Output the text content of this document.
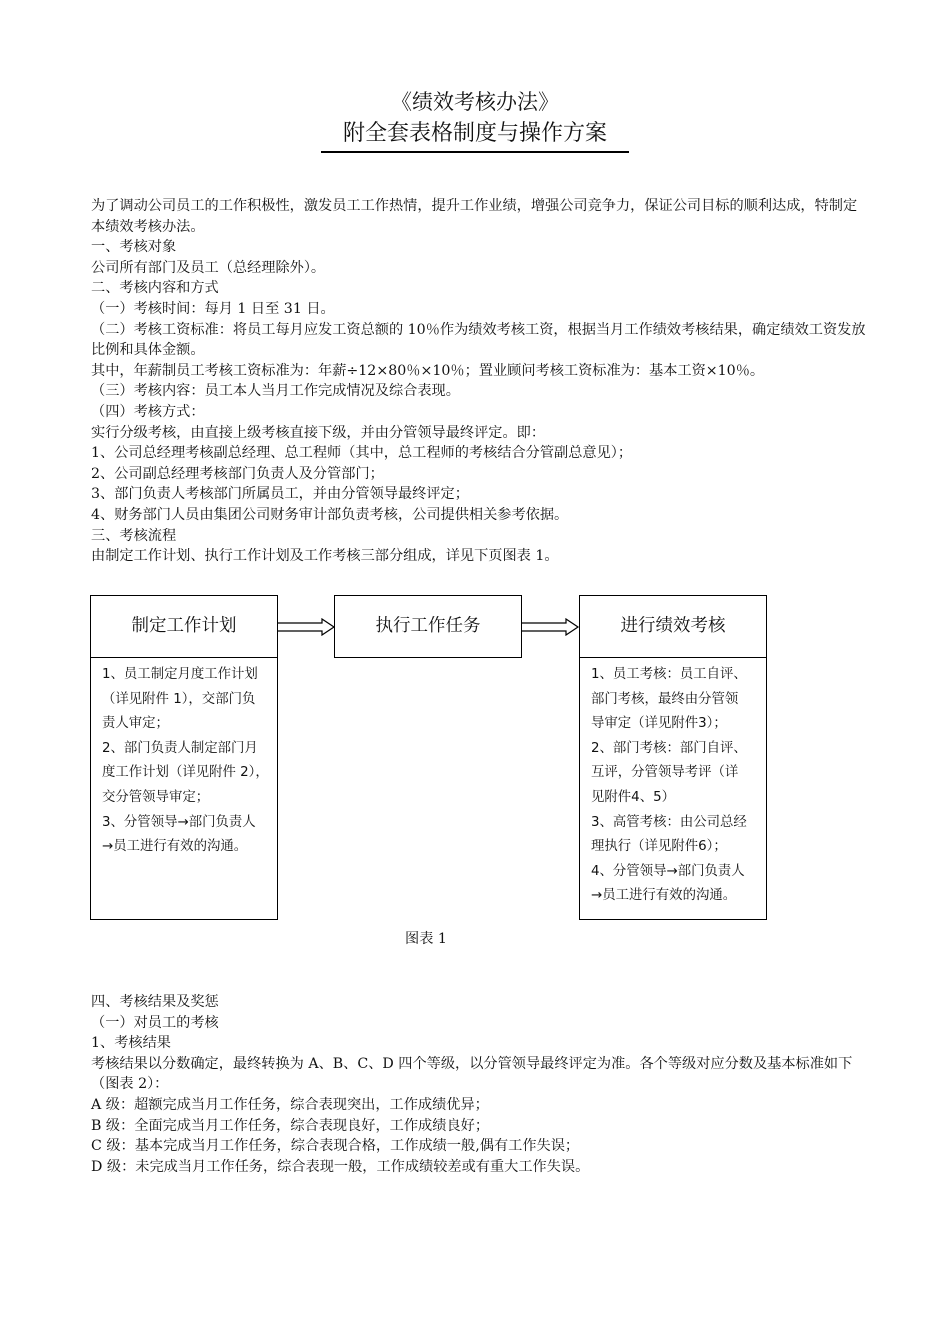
《绩效考核办法》
附全套表格制度与操作方案

为了调动公司员工的工作积极性，激发员工工作热情，提升工作业绩，增强公司竞争力，保证公司目标的顺利达成，特制定本绩效考核办法。

一、考核对象

公司所有部门及员工（总经理除外）。

二、考核内容和方式

（一）考核时间：每月 1 日至 31 日。

（二）考核工资标准：将员工每月应发工资总额的 10％作为绩效考核工资，根据当月工作绩效考核结果，确定绩效工资发放比例和具体金额。

其中，年薪制员工考核工资标准为：年薪÷12×80％×10％；置业顾问考核工资标准为：基本工资×10％。

（三）考核内容：员工本人当月工作完成情况及综合表现。

（四）考核方式：

实行分级考核，由直接上级考核直接下级，并由分管领导最终评定。即：

1、公司总经理考核副总经理、总工程师（其中，总工程师的考核结合分管副总意见）；

2、公司副总经理考核部门负责人及分管部门；

3、部门负责人考核部门所属员工，并由分管领导最终评定；

4、财务部门人员由集团公司财务审计部负责考核，公司提供相关参考依据。

三、考核流程

由制定工作计划、执行工作计划及工作考核三部分组成，详见下页图表 1。

制定工作计划

1、员工制定月度工作计划

（详见附件 1），交部门负

责人审定；

2、部门负责人制定部门月

度工作计划（详见附件 2），

交分管领导审定；

3、分管领导→部门负责人

→员工进行有效的沟通。

执行工作任务	进行绩效考核

1、员工考核：员工自评、

部门考核，最终由分管领

导审定（详见附件3）；

2、部门考核：部门自评、

互评，分管领导考评（详

见附件4、5）

3、高管考核：由公司总经

理执行（详见附件6）；

4、分管领导→部门负责人

→员工进行有效的沟通。

图表 1

四、考核结果及奖惩

（一）对员工的考核

1、考核结果

考核结果以分数确定，最终转换为 A、B、C、D 四个等级，以分管领导最终评定为准。各个等级对应分数及基本标准如下（图表 2）：

A 级：超额完成当月工作任务，综合表现突出，工作成绩优异；

B 级：全面完成当月工作任务，综合表现良好，工作成绩良好；

C 级：基本完成当月工作任务，综合表现合格，工作成绩一般,偶有工作失误；

D 级：未完成当月工作任务，综合表现一般，工作成绩较差或有重大工作失误。
